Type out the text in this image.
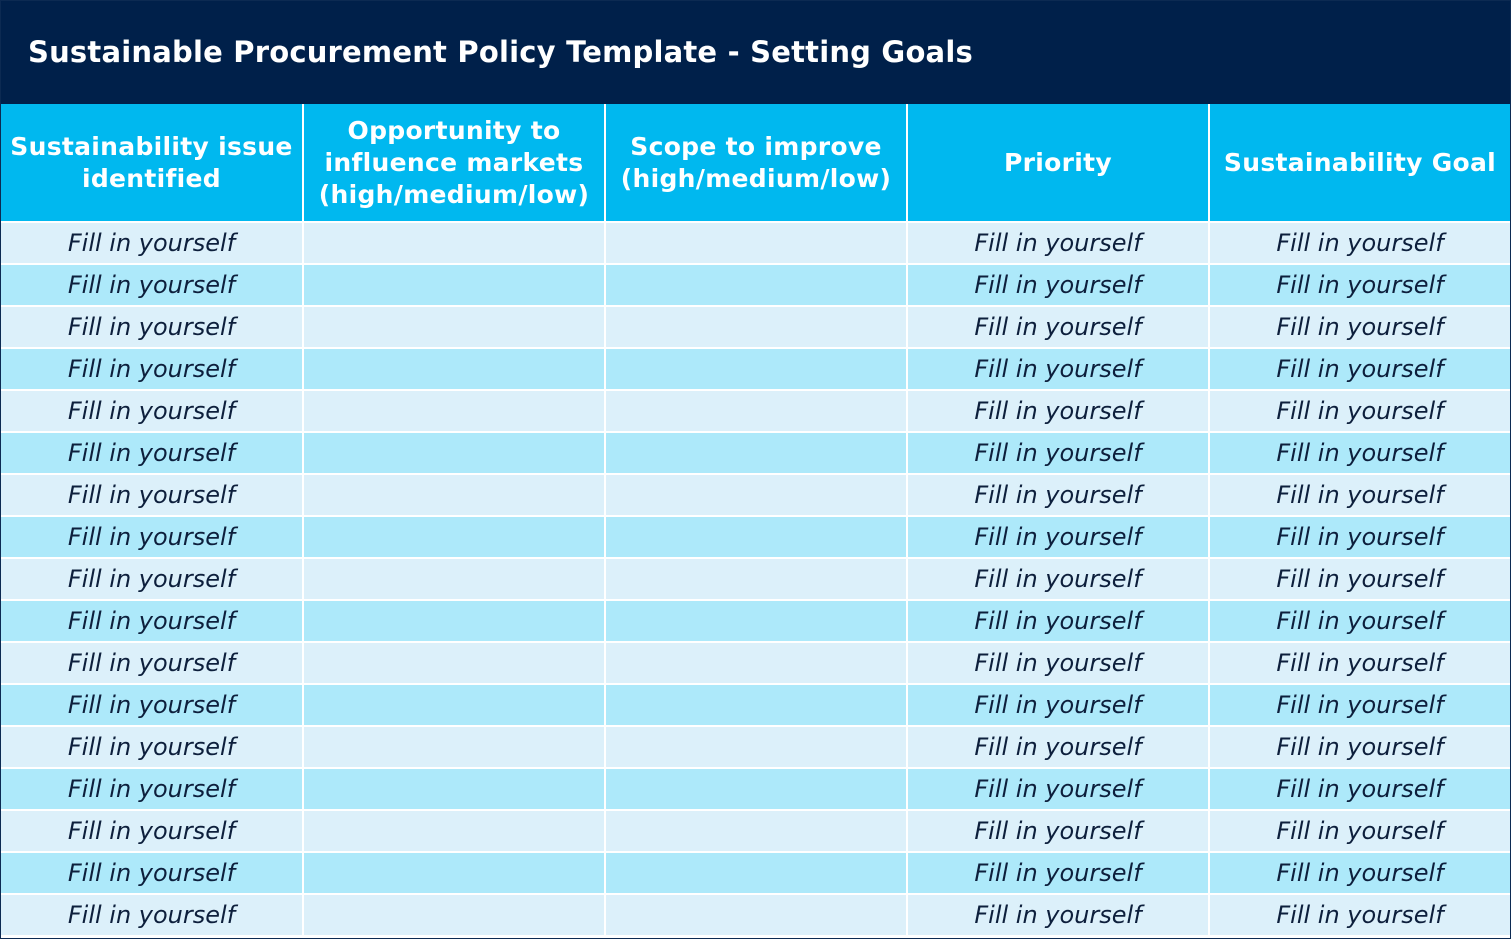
Sustainable Procurement Policy Template - Setting Goals
Sustainability issue identified	Opportunity to influence markets (high/medium/low)	Scope to improve (high/medium/low)	Priority	Sustainability Goal
Fill in yourself			Fill in yourself	Fill in yourself
Fill in yourself			Fill in yourself	Fill in yourself
Fill in yourself			Fill in yourself	Fill in yourself
Fill in yourself			Fill in yourself	Fill in yourself
Fill in yourself			Fill in yourself	Fill in yourself
Fill in yourself			Fill in yourself	Fill in yourself
Fill in yourself			Fill in yourself	Fill in yourself
Fill in yourself			Fill in yourself	Fill in yourself
Fill in yourself			Fill in yourself	Fill in yourself
Fill in yourself			Fill in yourself	Fill in yourself
Fill in yourself			Fill in yourself	Fill in yourself
Fill in yourself			Fill in yourself	Fill in yourself
Fill in yourself			Fill in yourself	Fill in yourself
Fill in yourself			Fill in yourself	Fill in yourself
Fill in yourself			Fill in yourself	Fill in yourself
Fill in yourself			Fill in yourself	Fill in yourself
Fill in yourself			Fill in yourself	Fill in yourself
